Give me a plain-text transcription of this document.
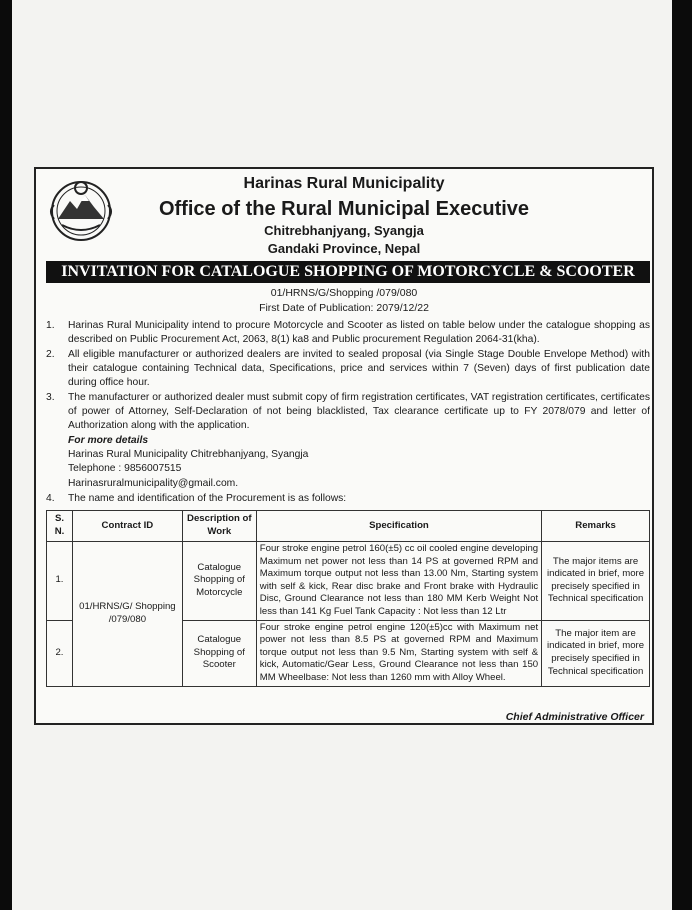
Harinas Rural Municipality
Office of the Rural Municipal Executive
Chitrebhanjyang, Syangja
Gandaki Province, Nepal
INVITATION FOR CATALOGUE SHOPPING OF MOTORCYCLE & SCOOTER
01/HRNS/G/Shopping /079/080
First Date of Publication: 2079/12/22
1. Harinas Rural Municipality intend to procure Motorcycle and Scooter as listed on table below under the catalogue shopping as described on Public Procurement Act, 2063, 8(1) ka8 and Public procurement Regulation 2064-31(kha).
2. All eligible manufacturer or authorized dealers are invited to sealed proposal (via Single Stage Double Envelope Method) with their catalogue containing Technical data, Specifications, price and services within 7 (Seven) days of first publication date during office hour.
3. The manufacturer or authorized dealer must submit copy of firm registration certificates, VAT registration certificates, certificates of power of Attorney, Self-Declaration of not being blacklisted, Tax clearance certificate up to FY 2078/079 and letter of Authorization along with the application.
For more details
Harinas Rural Municipality Chitrebhanjyang, Syangja
Telephone : 9856007515
Harinasruralmunicipality@gmail.com.
4. The name and identification of the Procurement is as follows:
S. N.	Contract ID	Description of Work	Specification	Remarks
1.	01/HRNS/G/ Shopping /079/080	Catalogue Shopping of Motorcycle	Four stroke engine petrol 160(±5) cc oil cooled engine developing Maximum net power not less than 14 PS at governed RPM and Maximum torque output not less than 13.00 Nm, Starting system with self & kick, Rear disc brake and Front brake with Hydraulic Disc, Ground Clearance not less than 180 MM Kerb Weight Not less than 141 Kg Fuel Tank Capacity : Not less than 12 Ltr	The major items are indicated in brief, more precisely specified in Technical specification
2.		Catalogue Shopping of Scooter	Four stroke engine petrol engine 120(±5)cc with Maximum net power not less than 8.5 PS at governed RPM and Maximum torque output not less than 9.5 Nm, Starting system with self & kick, Automatic/Gear Less, Ground Clearance not less than 150 MM Wheelbase: Not less than 1260 mm with Alloy Wheel.	The major item are indicated in brief, more precisely specified in Technical specification
Chief Administrative Officer
